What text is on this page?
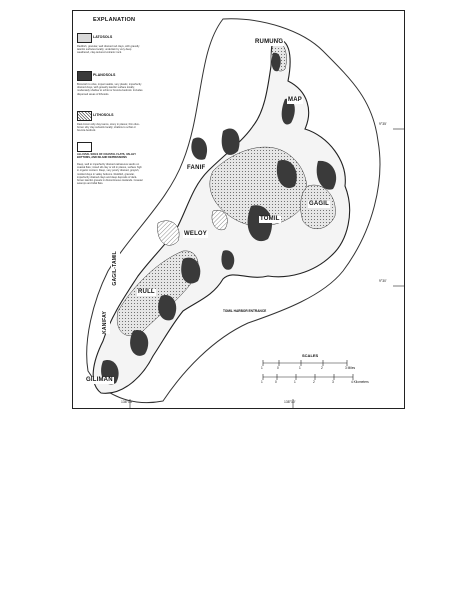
EXPLANATION
LATOSOLS
Reddish, granular, well drained red clays, with gravelly lateritic surfaces locally; underlain by very deep weathered, clay-textured volcanic rock.
PLANOSOLS
Brownish to olive, impermeable, very plastic, imperfectly drained clays, with gravelly lateritic surface locally; moderately shallow to schist or breccia bedrock. Includes dispersed areas of lithosols.
LITHOSOLS
Dark-brown silty clay loams, stony in places; thin olive-brown silty clay subsoils locally; shallow to schist or breccia bedrock.
ALLUVIAL SOILS OF COASTAL FLATS, VALLEY BOTTOMS, AND INLAND DEPRESSIONS
Deep, well to imperfectly drained calcareous sands on coastal flats; mixed silt clay or silt in places, surface high in organic content. Deep, very poorly drained, grayish, mottled clays in valley bottoms. Reddish, granular, imperfectly drained clays and deep deposits of dark-brown lateritic gravels in discontinuous lowlands. Coastal swamps and tidal flats.
RUMUNG
MAP
FANIF
GAGIL
TOMIL
WELOY
GAGIL-TAMIL
RULL
KANIFAY
GILIMAN
TOMIL HARBOR ENTRANCE
9°35'
9°30'
138°05'	138°10'
SCALES
1	0	1	2	3 Miles
1	0	1	2	3	4 Kilometers
